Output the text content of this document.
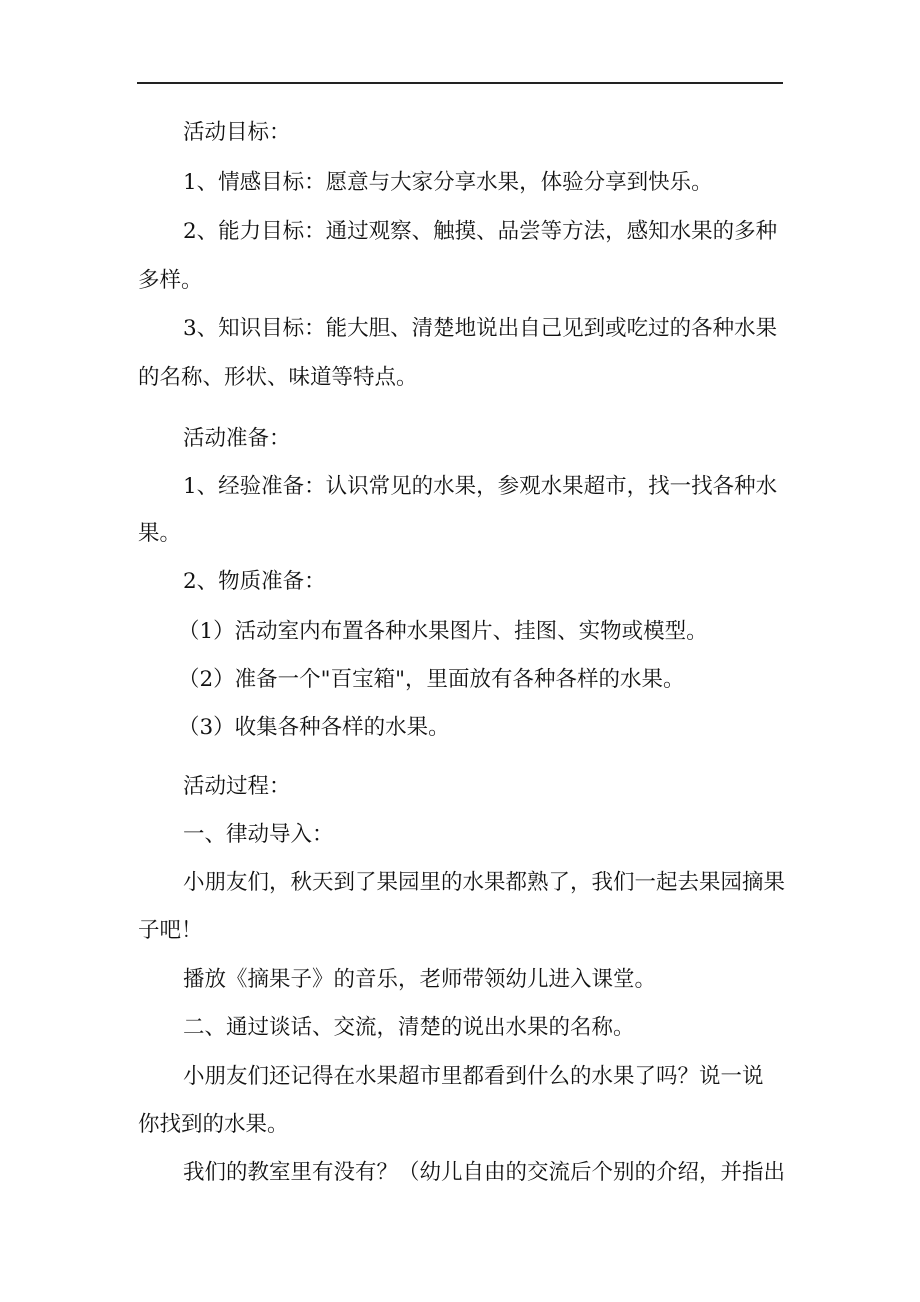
活动目标：
1、情感目标：愿意与大家分享水果，体验分享到快乐。
2、能力目标：通过观察、触摸、品尝等方法，感知水果的多种
多样。
3、知识目标：能大胆、清楚地说出自己见到或吃过的各种水果
的名称、形状、味道等特点。
活动准备：
1、经验准备：认识常见的水果，参观水果超市，找一找各种水
果。
2、物质准备：
（1）活动室内布置各种水果图片、挂图、实物或模型。
（2）准备一个"百宝箱"，里面放有各种各样的水果。
（3）收集各种各样的水果。
活动过程：
一、律动导入：
小朋友们，秋天到了果园里的水果都熟了，我们一起去果园摘果
子吧！
播放《摘果子》的音乐，老师带领幼儿进入课堂。
二、通过谈话、交流，清楚的说出水果的名称。
小朋友们还记得在水果超市里都看到什么的水果了吗？说一说
你找到的水果。
我们的教室里有没有？（幼儿自由的交流后个别的介绍，并指出
